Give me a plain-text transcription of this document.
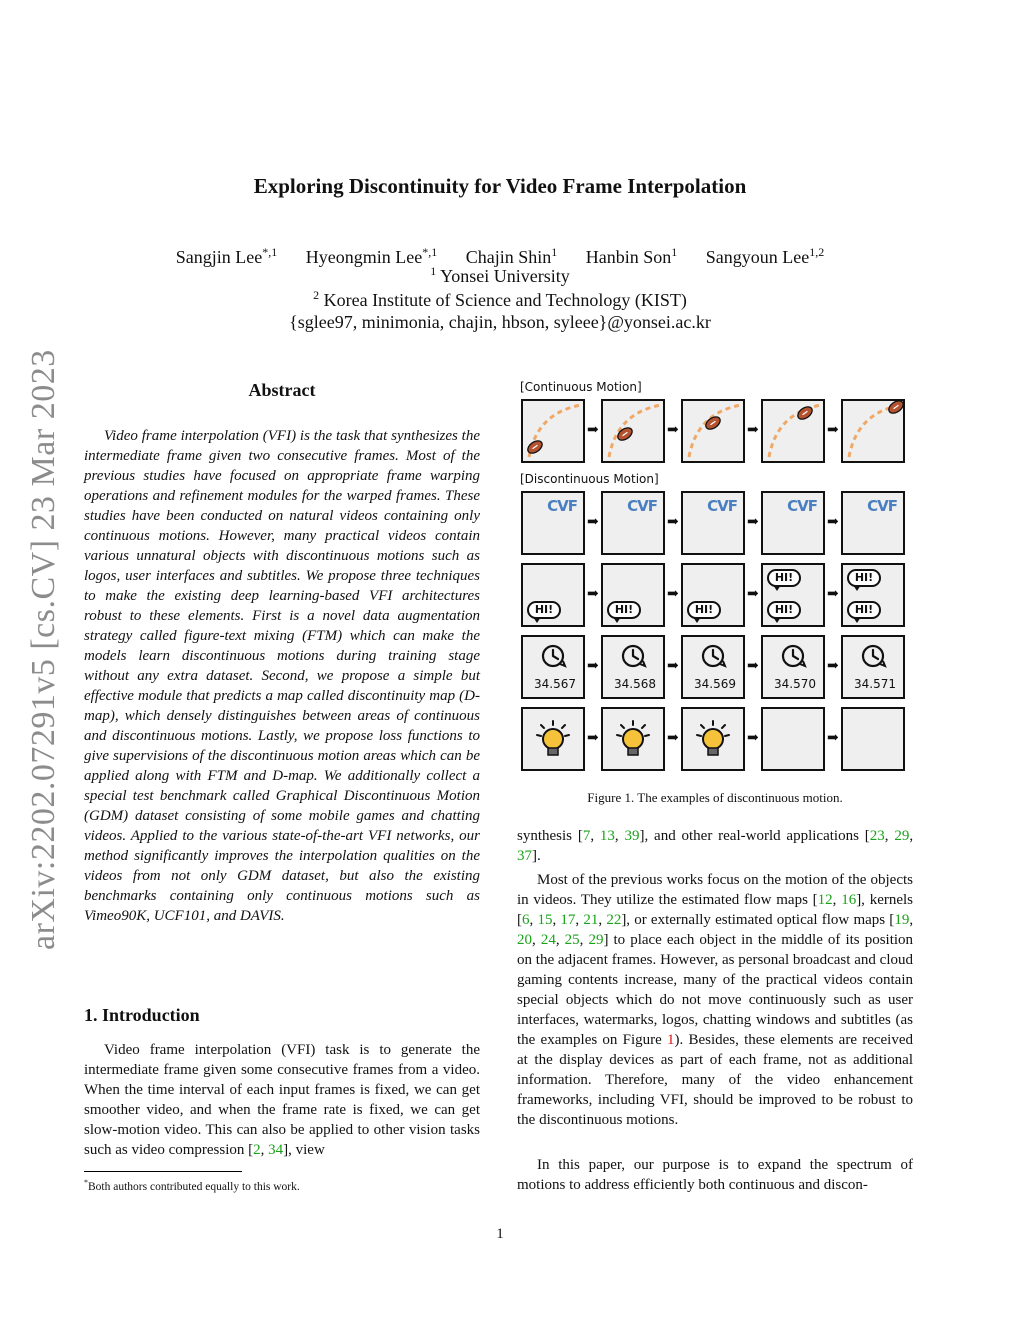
arXiv:2202.07291v5 [cs.CV] 23 Mar 2023
Exploring Discontinuity for Video Frame Interpolation
Sangjin Lee$^{*,1}$ Hyeongmin Lee$^{*,1}$ Chajin Shin$^1$ Hanbin Son$^1$ Sangyoun Lee$^{1,2}$
$^1$ Yonsei University
$^2$ Korea Institute of Science and Technology (KIST)
{sglee97, minimonia, chajin, hbson, syleee}@yonsei.ac.kr
Abstract

Video frame interpolation (VFI) is the task that synthesizes the intermediate frame given two consecutive frames. Most of the previous studies have focused on appropriate frame warping operations and refinement modules for the warped frames. These studies have been conducted on natural videos containing only continuous motions. However, many practical videos contain various unnatural objects with discontinuous motions such as logos, user interfaces and subtitles. We propose three techniques to make the existing deep learning-based VFI architectures robust to these elements. First is a novel data augmentation strategy called figure-text mixing (FTM) which can make the models learn discontinuous motions during training stage without any extra dataset. Second, we propose a simple but effective module that predicts a map called discontinuity map (D-map), which densely distinguishes between areas of continuous and discontinuous motions. Lastly, we propose loss functions to give supervisions of the discontinuous motion areas which can be applied along with FTM and D-map. We additionally collect a special test benchmark called Graphical Discontinuous Motion (GDM) dataset consisting of some mobile games and chatting videos. Applied to the various state-of-the-art VFI networks, our method significantly improves the interpolation qualities on the videos from not only GDM dataset, but also the existing benchmarks containing only continuous motions such as Vimeo90K, UCF101, and DAVIS.

1. Introduction

Video frame interpolation (VFI) task is to generate the intermediate frame given some consecutive frames from a video. When the time interval of each input frames is fixed, we can get smoother video, and when the frame rate is fixed, we can get slow-motion video. This can also be applied to other vision tasks such as video compression [2, 34], view

*Both authors contributed equally to this work.
[Continuous Motion]
[Discontinuous Motion]
➡	➡	➡	➡
CVF
➡
CVF
➡
CVF
➡
CVF
➡
CVF
HI!
➡
HI!
➡
HI!
➡
HI!
HI!
➡
HI!
HI!
34.567
➡
34.568
➡
34.569
➡
34.570
➡
34.571
➡	➡	➡	➡
Figure 1. The examples of discontinuous motion.

synthesis [7, 13, 39], and other real-world applications [23, 29, 37].

Most of the previous works focus on the motion of the objects in videos. They utilize the estimated flow maps [12, 16], kernels [6, 15, 17, 21, 22], or externally estimated optical flow maps [19, 20, 24, 25, 29] to place each object in the middle of its position on the adjacent frames. However, as personal broadcast and cloud gaming contents increase, many of the practical videos contain special objects which do not move continuously such as user interfaces, watermarks, logos, chatting windows and subtitles (as the examples on Figure 1). Besides, these elements are received at the display devices as part of each frame, not as additional information. Therefore, many of the video enhancement frameworks, including VFI, should be improved to be robust to the discontinuous motions.

In this paper, our purpose is to expand the spectrum of motions to address efficiently both continuous and discon-

1
